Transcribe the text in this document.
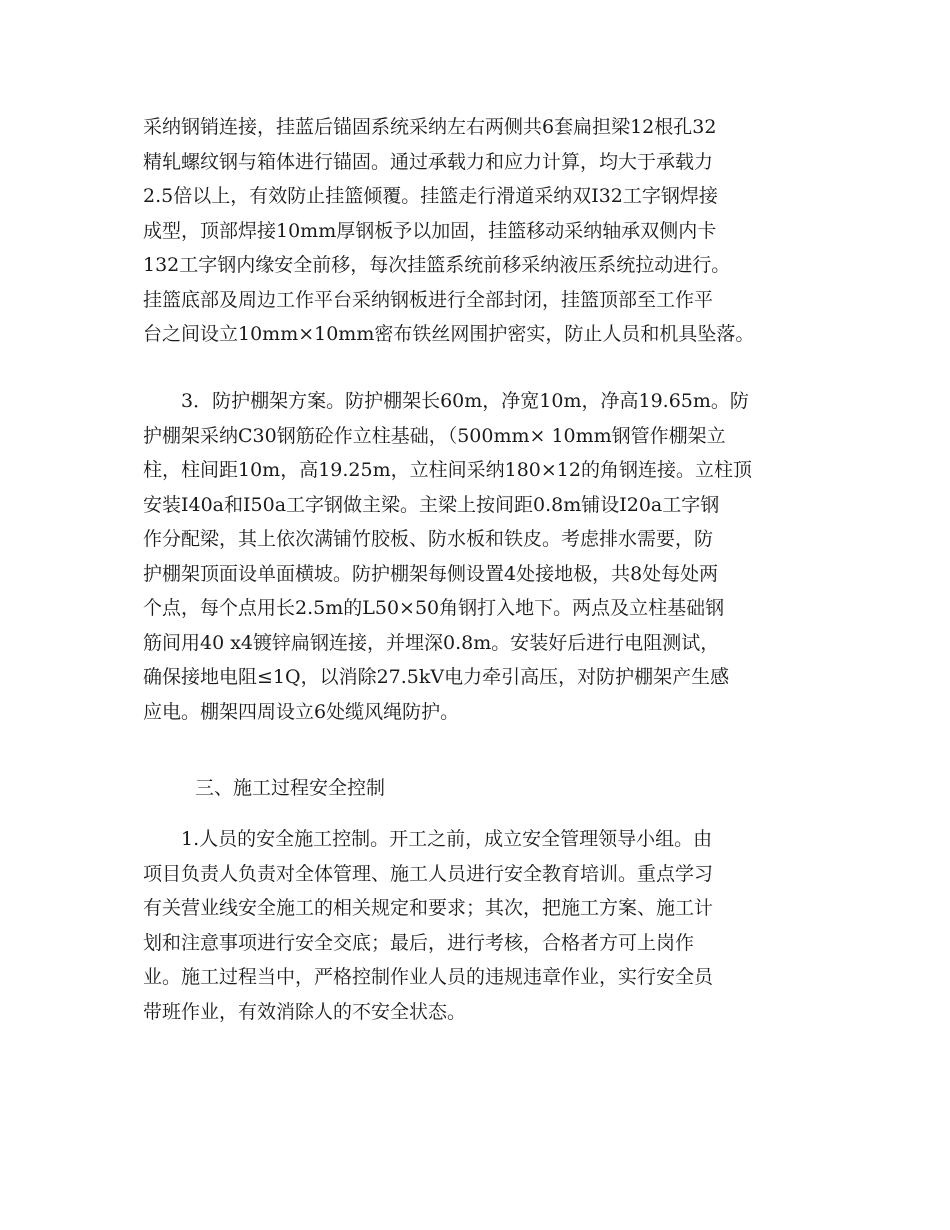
采纳钢销连接，挂蓝后锚固系统采纳左右两侧共6套扁担梁12根孔32
精轧螺纹钢与箱体进行锚固。通过承载力和应力计算，均大于承载力
2.5倍以上，有效防止挂篮倾覆。挂篮走行滑道采纳双I32工字钢焊接
成型，顶部焊接10mm厚钢板予以加固，挂篮移动采纳轴承双侧内卡
132工字钢内缘安全前移，每次挂篮系统前移采纳液压系统拉动进行。
挂篮底部及周边工作平台采纳钢板进行全部封闭，挂篮顶部至工作平
台之间设立10mm×10mm密布铁丝网围护密实，防止人员和机具坠落。
　　3．防护棚架方案。防护棚架长60m，净宽10m，净高19.65m。防
护棚架采纳C30钢筋砼作立柱基础，（500mm× 10mm钢管作棚架立
柱，柱间距10m，高19.25m，立柱间采纳180×12的角钢连接。立柱顶
安装I40a和I50a工字钢做主梁。主梁上按间距0.8m铺设I20a工字钢
作分配梁，其上依次满铺竹胶板、防水板和铁皮。考虑排水需要，防
护棚架顶面设单面横坡。防护棚架每侧设置4处接地极，共8处每处两
个点，每个点用长2.5m的L50×50角钢打入地下。两点及立柱基础钢
筋间用40 x4镀锌扁钢连接，并埋深0.8m。安装好后进行电阻测试，
确保接地电阻≤1Q，以消除27.5kV电力牵引高压，对防护棚架产生感
应电。棚架四周设立6处缆风绳防护。
三、施工过程安全控制
　　1.人员的安全施工控制。开工之前，成立安全管理领导小组。由
项目负责人负责对全体管理、施工人员进行安全教育培训。重点学习
有关营业线安全施工的相关规定和要求；其次，把施工方案、施工计
划和注意事项进行安全交底；最后，进行考核，合格者方可上岗作
业。施工过程当中，严格控制作业人员的违规违章作业，实行安全员
带班作业，有效消除人的不安全状态。
